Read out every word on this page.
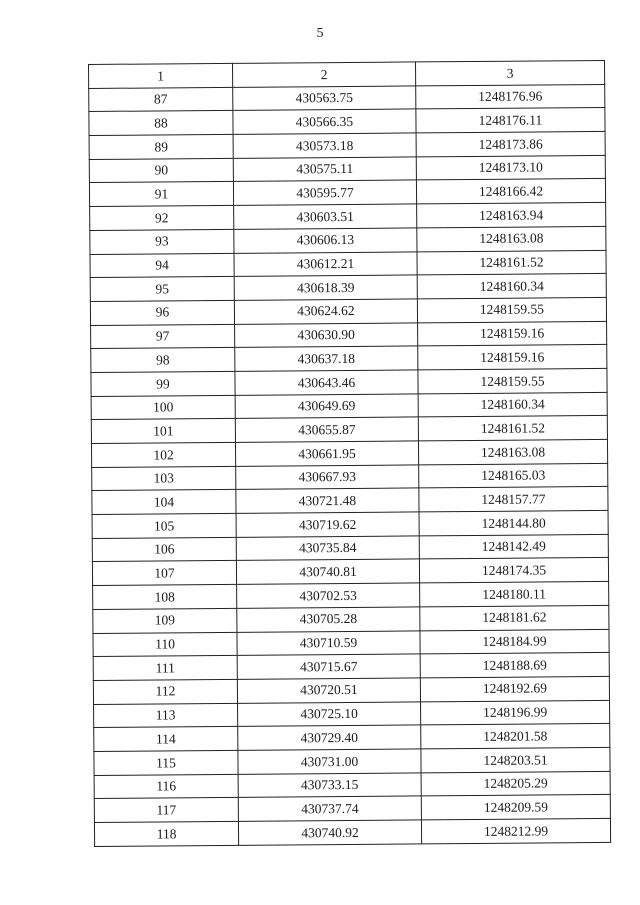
5
1	2	3
87	430563.75	1248176.96
88	430566.35	1248176.11
89	430573.18	1248173.86
90	430575.11	1248173.10
91	430595.77	1248166.42
92	430603.51	1248163.94
93	430606.13	1248163.08
94	430612.21	1248161.52
95	430618.39	1248160.34
96	430624.62	1248159.55
97	430630.90	1248159.16
98	430637.18	1248159.16
99	430643.46	1248159.55
100	430649.69	1248160.34
101	430655.87	1248161.52
102	430661.95	1248163.08
103	430667.93	1248165.03
104	430721.48	1248157.77
105	430719.62	1248144.80
106	430735.84	1248142.49
107	430740.81	1248174.35
108	430702.53	1248180.11
109	430705.28	1248181.62
110	430710.59	1248184.99
111	430715.67	1248188.69
112	430720.51	1248192.69
113	430725.10	1248196.99
114	430729.40	1248201.58
115	430731.00	1248203.51
116	430733.15	1248205.29
117	430737.74	1248209.59
118	430740.92	1248212.99
